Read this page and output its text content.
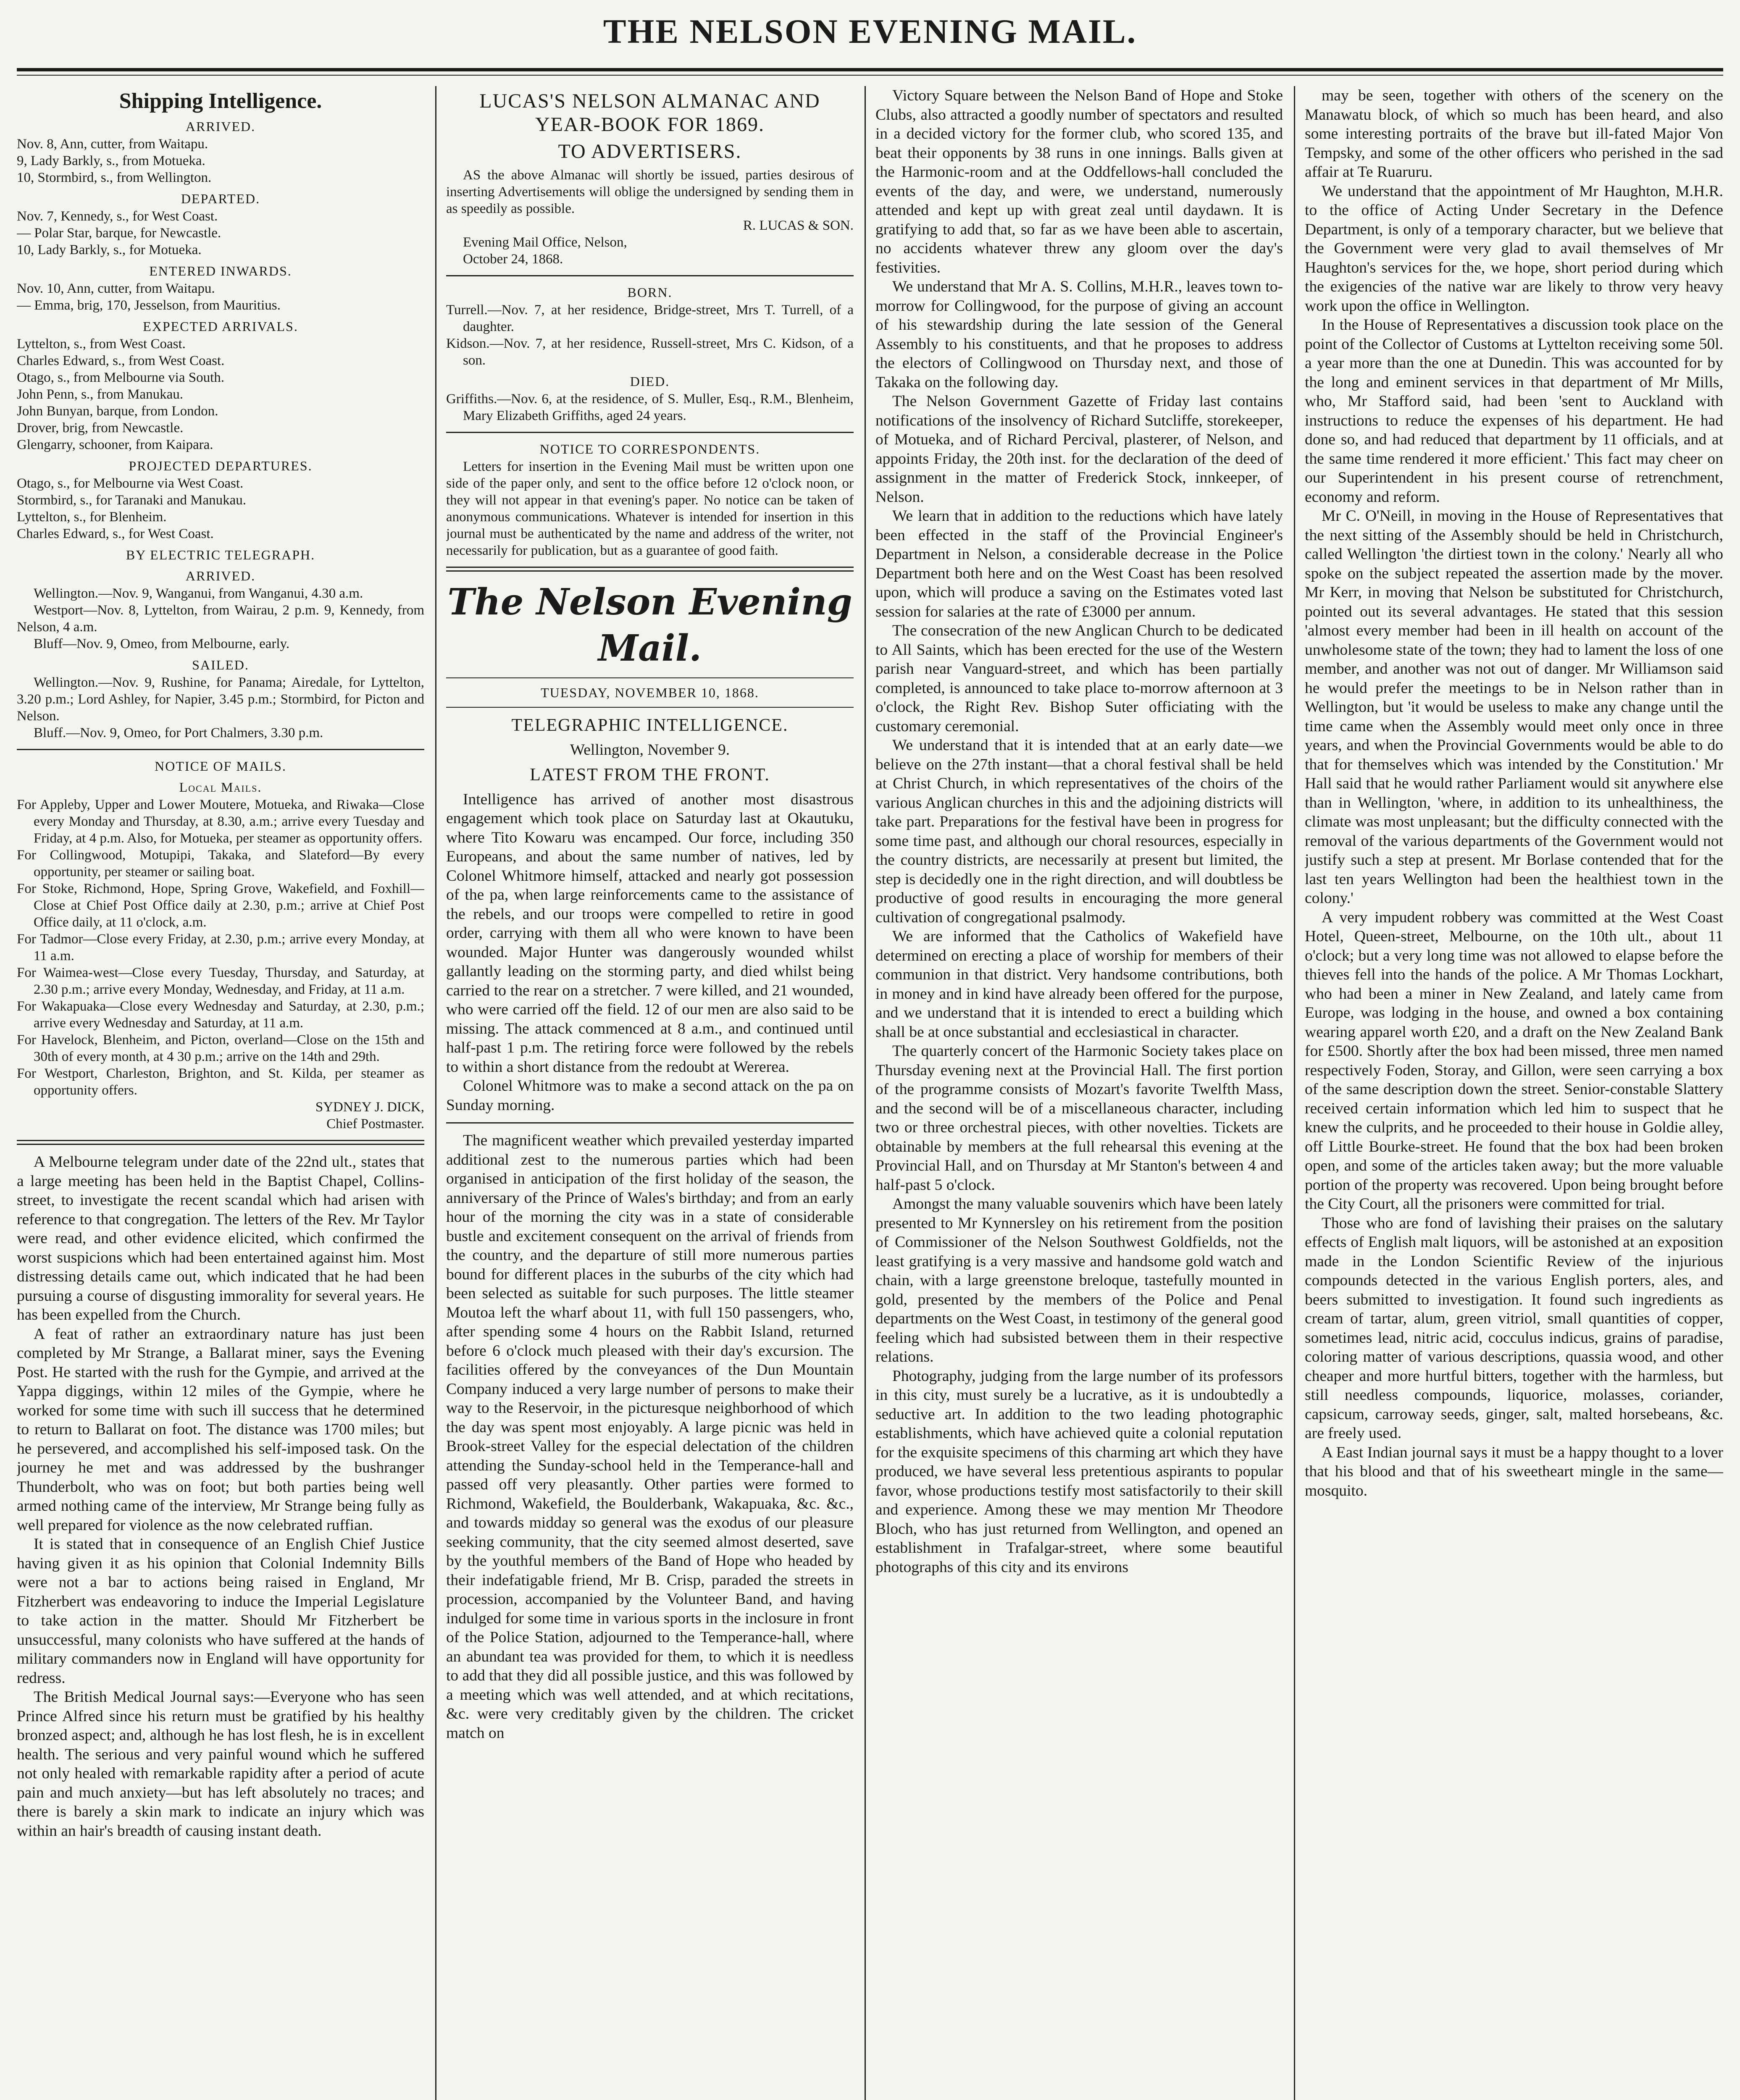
THE NELSON EVENING MAIL.
Shipping Intelligence.
ARRIVED.

Nov. 8, Ann, cutter, from Waitapu.

9, Lady Barkly, s., from Motueka.

10, Stormbird, s., from Wellington.

DEPARTED.

Nov. 7, Kennedy, s., for West Coast.

— Polar Star, barque, for Newcastle.

10, Lady Barkly, s., for Motueka.

ENTERED INWARDS.

Nov. 10, Ann, cutter, from Waitapu.

— Emma, brig, 170, Jesselson, from Mauritius.

EXPECTED ARRIVALS.

Lyttelton, s., from West Coast.

Charles Edward, s., from West Coast.

Otago, s., from Melbourne via South.

John Penn, s., from Manukau.

John Bunyan, barque, from London.

Drover, brig, from Newcastle.

Glengarry, schooner, from Kaipara.

PROJECTED DEPARTURES.

Otago, s., for Melbourne via West Coast.

Stormbird, s., for Taranaki and Manukau.

Lyttelton, s., for Blenheim.

Charles Edward, s., for West Coast.

BY ELECTRIC TELEGRAPH.
ARRIVED.

Wellington.—Nov. 9, Wanganui, from Wanganui, 4.30 a.m.

Westport—Nov. 8, Lyttelton, from Wairau, 2 p.m. 9, Kennedy, from Nelson, 4 a.m.

Bluff—Nov. 9, Omeo, from Melbourne, early.

SAILED.

Wellington.—Nov. 9, Rushine, for Panama; Airedale, for Lyttelton, 3.20 p.m.; Lord Ashley, for Napier, 3.45 p.m.; Stormbird, for Picton and Nelson.

Bluff.—Nov. 9, Omeo, for Port Chalmers, 3.30 p.m.

NOTICE OF MAILS.
Local Mails.

For Appleby, Upper and Lower Moutere, Motueka, and Riwaka—Close every Monday and Thursday, at 8.30, a.m.; arrive every Tuesday and Friday, at 4 p.m. Also, for Motueka, per steamer as opportunity offers.

For Collingwood, Motupipi, Takaka, and Slateford—By every opportunity, per steamer or sailing boat.

For Stoke, Richmond, Hope, Spring Grove, Wakefield, and Foxhill—Close at Chief Post Office daily at 2.30, p.m.; arrive at Chief Post Office daily, at 11 o'clock, a.m.

For Tadmor—Close every Friday, at 2.30, p.m.; arrive every Monday, at 11 a.m.

For Waimea-west—Close every Tuesday, Thursday, and Saturday, at 2.30 p.m.; arrive every Monday, Wednesday, and Friday, at 11 a.m.

For Wakapuaka—Close every Wednesday and Saturday, at 2.30, p.m.; arrive every Wednesday and Saturday, at 11 a.m.

For Havelock, Blenheim, and Picton, overland—Close on the 15th and 30th of every month, at 4 30 p.m.; arrive on the 14th and 29th.

For Westport, Charleston, Brighton, and St. Kilda, per steamer as opportunity offers.

SYDNEY J. DICK,

Chief Postmaster.

A Melbourne telegram under date of the 22nd ult., states that a large meeting has been held in the Baptist Chapel, Collins-street, to investigate the recent scandal which had arisen with reference to that congregation. The letters of the Rev. Mr Taylor were read, and other evidence elicited, which confirmed the worst suspicions which had been entertained against him. Most distressing details came out, which indicated that he had been pursuing a course of disgusting immorality for several years. He has been expelled from the Church.

A feat of rather an extraordinary nature has just been completed by Mr Strange, a Ballarat miner, says the Evening Post. He started with the rush for the Gympie, and arrived at the Yappa diggings, within 12 miles of the Gympie, where he worked for some time with such ill success that he determined to return to Ballarat on foot. The distance was 1700 miles; but he persevered, and accomplished his self-imposed task. On the journey he met and was addressed by the bushranger Thunderbolt, who was on foot; but both parties being well armed nothing came of the interview, Mr Strange being fully as well prepared for violence as the now celebrated ruffian.

It is stated that in consequence of an English Chief Justice having given it as his opinion that Colonial Indemnity Bills were not a bar to actions being raised in England, Mr Fitzherbert was endeavoring to induce the Imperial Legislature to take action in the matter. Should Mr Fitzherbert be unsuccessful, many colonists who have suffered at the hands of military commanders now in England will have opportunity for redress.

The British Medical Journal says:—Everyone who has seen Prince Alfred since his return must be gratified by his healthy bronzed aspect; and, although he has lost flesh, he is in excellent health. The serious and very painful wound which he suffered not only healed with remarkable rapidity after a period of acute pain and much anxiety—but has left absolutely no traces; and there is barely a skin mark to indicate an injury which was within an hair's breadth of causing instant death.

LUCAS'S NELSON ALMANAC AND YEAR-BOOK FOR 1869.
TO ADVERTISERS.

AS the above Almanac will shortly be issued, parties desirous of inserting Advertisements will oblige the undersigned by sending them in as speedily as possible.

R. LUCAS & SON.

Evening Mail Office, Nelson,

October 24, 1868.

BORN.

Turrell.—Nov. 7, at her residence, Bridge-street, Mrs T. Turrell, of a daughter.

Kidson.—Nov. 7, at her residence, Russell-street, Mrs C. Kidson, of a son.

DIED.

Griffiths.—Nov. 6, at the residence, of S. Muller, Esq., R.M., Blenheim, Mary Elizabeth Griffiths, aged 24 years.

NOTICE TO CORRESPONDENTS.

Letters for insertion in the Evening Mail must be written upon one side of the paper only, and sent to the office before 12 o'clock noon, or they will not appear in that evening's paper. No notice can be taken of anonymous communications. Whatever is intended for insertion in this journal must be authenticated by the name and address of the writer, not necessarily for publication, but as a guarantee of good faith.

The Nelson Evening Mail.
TUESDAY, NOVEMBER 10, 1868.
TELEGRAPHIC INTELLIGENCE.

Wellington, November 9.

LATEST FROM THE FRONT.

Intelligence has arrived of another most disastrous engagement which took place on Saturday last at Okautuku, where Tito Kowaru was encamped. Our force, including 350 Europeans, and about the same number of natives, led by Colonel Whitmore himself, attacked and nearly got possession of the pa, when large reinforcements came to the assistance of the rebels, and our troops were compelled to retire in good order, carrying with them all who were known to have been wounded. Major Hunter was dangerously wounded whilst gallantly leading on the storming party, and died whilst being carried to the rear on a stretcher. 7 were killed, and 21 wounded, who were carried off the field. 12 of our men are also said to be missing. The attack commenced at 8 a.m., and continued until half-past 1 p.m. The retiring force were followed by the rebels to within a short distance from the redoubt at Wererea.

Colonel Whitmore was to make a second attack on the pa on Sunday morning.

The magnificent weather which prevailed yesterday imparted additional zest to the numerous parties which had been organised in anticipation of the first holiday of the season, the anniversary of the Prince of Wales's birthday; and from an early hour of the morning the city was in a state of considerable bustle and excitement consequent on the arrival of friends from the country, and the departure of still more numerous parties bound for different places in the suburbs of the city which had been selected as suitable for such purposes. The little steamer Moutoa left the wharf about 11, with full 150 passengers, who, after spending some 4 hours on the Rabbit Island, returned before 6 o'clock much pleased with their day's excursion. The facilities offered by the conveyances of the Dun Mountain Company induced a very large number of persons to make their way to the Reservoir, in the picturesque neighborhood of which the day was spent most enjoyably. A large picnic was held in Brook-street Valley for the especial delectation of the children attending the Sunday-school held in the Temperance-hall and passed off very pleasantly. Other parties were formed to Richmond, Wakefield, the Boulderbank, Wakapuaka, &c. &c., and towards midday so general was the exodus of our pleasure seeking community, that the city seemed almost deserted, save by the youthful members of the Band of Hope who headed by their indefatigable friend, Mr B. Crisp, paraded the streets in procession, accompanied by the Volunteer Band, and having indulged for some time in various sports in the inclosure in front of the Police Station, adjourned to the Temperance-hall, where an abundant tea was provided for them, to which it is needless to add that they did all possible justice, and this was followed by a meeting which was well attended, and at which recitations, &c. were very creditably given by the children. The cricket match on

Victory Square between the Nelson Band of Hope and Stoke Clubs, also attracted a goodly number of spectators and resulted in a decided victory for the former club, who scored 135, and beat their opponents by 38 runs in one innings. Balls given at the Harmonic-room and at the Oddfellows-hall concluded the events of the day, and were, we understand, numerously attended and kept up with great zeal until daydawn. It is gratifying to add that, so far as we have been able to ascertain, no accidents whatever threw any gloom over the day's festivities.

We understand that Mr A. S. Collins, M.H.R., leaves town to-morrow for Collingwood, for the purpose of giving an account of his stewardship during the late session of the General Assembly to his constituents, and that he proposes to address the electors of Collingwood on Thursday next, and those of Takaka on the following day.

The Nelson Government Gazette of Friday last contains notifications of the insolvency of Richard Sutcliffe, storekeeper, of Motueka, and of Richard Percival, plasterer, of Nelson, and appoints Friday, the 20th inst. for the declaration of the deed of assignment in the matter of Frederick Stock, innkeeper, of Nelson.

We learn that in addition to the reductions which have lately been effected in the staff of the Provincial Engineer's Department in Nelson, a considerable decrease in the Police Department both here and on the West Coast has been resolved upon, which will produce a saving on the Estimates voted last session for salaries at the rate of £3000 per annum.

The consecration of the new Anglican Church to be dedicated to All Saints, which has been erected for the use of the Western parish near Vanguard-street, and which has been partially completed, is announced to take place to-morrow afternoon at 3 o'clock, the Right Rev. Bishop Suter officiating with the customary ceremonial.

We understand that it is intended that at an early date—we believe on the 27th instant—that a choral festival shall be held at Christ Church, in which representatives of the choirs of the various Anglican churches in this and the adjoining districts will take part. Preparations for the festival have been in progress for some time past, and although our choral resources, especially in the country districts, are necessarily at present but limited, the step is decidedly one in the right direction, and will doubtless be productive of good results in encouraging the more general cultivation of congregational psalmody.

We are informed that the Catholics of Wakefield have determined on erecting a place of worship for members of their communion in that district. Very handsome contributions, both in money and in kind have already been offered for the purpose, and we understand that it is intended to erect a building which shall be at once substantial and ecclesiastical in character.

The quarterly concert of the Harmonic Society takes place on Thursday evening next at the Provincial Hall. The first portion of the programme consists of Mozart's favorite Twelfth Mass, and the second will be of a miscellaneous character, including two or three orchestral pieces, with other novelties. Tickets are obtainable by members at the full rehearsal this evening at the Provincial Hall, and on Thursday at Mr Stanton's between 4 and half-past 5 o'clock.

Amongst the many valuable souvenirs which have been lately presented to Mr Kynnersley on his retirement from the position of Commissioner of the Nelson Southwest Goldfields, not the least gratifying is a very massive and handsome gold watch and chain, with a large greenstone breloque, tastefully mounted in gold, presented by the members of the Police and Penal departments on the West Coast, in testimony of the general good feeling which had subsisted between them in their respective relations.

Photography, judging from the large number of its professors in this city, must surely be a lucrative, as it is undoubtedly a seductive art. In addition to the two leading photographic establishments, which have achieved quite a colonial reputation for the exquisite specimens of this charming art which they have produced, we have several less pretentious aspirants to popular favor, whose productions testify most satisfactorily to their skill and experience. Among these we may mention Mr Theodore Bloch, who has just returned from Wellington, and opened an establishment in Trafalgar-street, where some beautiful photographs of this city and its environs

may be seen, together with others of the scenery on the Manawatu block, of which so much has been heard, and also some interesting portraits of the brave but ill-fated Major Von Tempsky, and some of the other officers who perished in the sad affair at Te Ruaruru.

We understand that the appointment of Mr Haughton, M.H.R. to the office of Acting Under Secretary in the Defence Department, is only of a temporary character, but we believe that the Government were very glad to avail themselves of Mr Haughton's services for the, we hope, short period during which the exigencies of the native war are likely to throw very heavy work upon the office in Wellington.

In the House of Representatives a discussion took place on the point of the Collector of Customs at Lyttelton receiving some 50l. a year more than the one at Dunedin. This was accounted for by the long and eminent services in that department of Mr Mills, who, Mr Stafford said, had been 'sent to Auckland with instructions to reduce the expenses of his department. He had done so, and had reduced that department by 11 officials, and at the same time rendered it more efficient.' This fact may cheer on our Superintendent in his present course of retrenchment, economy and reform.

Mr C. O'Neill, in moving in the House of Representatives that the next sitting of the Assembly should be held in Christchurch, called Wellington 'the dirtiest town in the colony.' Nearly all who spoke on the subject repeated the assertion made by the mover. Mr Kerr, in moving that Nelson be substituted for Christchurch, pointed out its several advantages. He stated that this session 'almost every member had been in ill health on account of the unwholesome state of the town; they had to lament the loss of one member, and another was not out of danger. Mr Williamson said he would prefer the meetings to be in Nelson rather than in Wellington, but 'it would be useless to make any change until the time came when the Assembly would meet only once in three years, and when the Provincial Governments would be able to do that for themselves which was intended by the Constitution.' Mr Hall said that he would rather Parliament would sit anywhere else than in Wellington, 'where, in addition to its unhealthiness, the climate was most unpleasant; but the difficulty connected with the removal of the various departments of the Government would not justify such a step at present. Mr Borlase contended that for the last ten years Wellington had been the healthiest town in the colony.'

A very impudent robbery was committed at the West Coast Hotel, Queen-street, Melbourne, on the 10th ult., about 11 o'clock; but a very long time was not allowed to elapse before the thieves fell into the hands of the police. A Mr Thomas Lockhart, who had been a miner in New Zealand, and lately came from Europe, was lodging in the house, and owned a box containing wearing apparel worth £20, and a draft on the New Zealand Bank for £500. Shortly after the box had been missed, three men named respectively Foden, Storay, and Gillon, were seen carrying a box of the same description down the street. Senior-constable Slattery received certain information which led him to suspect that he knew the culprits, and he proceeded to their house in Goldie alley, off Little Bourke-street. He found that the box had been broken open, and some of the articles taken away; but the more valuable portion of the property was recovered. Upon being brought before the City Court, all the prisoners were committed for trial.

Those who are fond of lavishing their praises on the salutary effects of English malt liquors, will be astonished at an exposition made in the London Scientific Review of the injurious compounds detected in the various English porters, ales, and beers submitted to investigation. It found such ingredients as cream of tartar, alum, green vitriol, small quantities of copper, sometimes lead, nitric acid, cocculus indicus, grains of paradise, coloring matter of various descriptions, quassia wood, and other cheaper and more hurtful bitters, together with the harmless, but still needless compounds, liquorice, molasses, coriander, capsicum, carroway seeds, ginger, salt, malted horsebeans, &c. are freely used.

A East Indian journal says it must be a happy thought to a lover that his blood and that of his sweetheart mingle in the same—mosquito.
